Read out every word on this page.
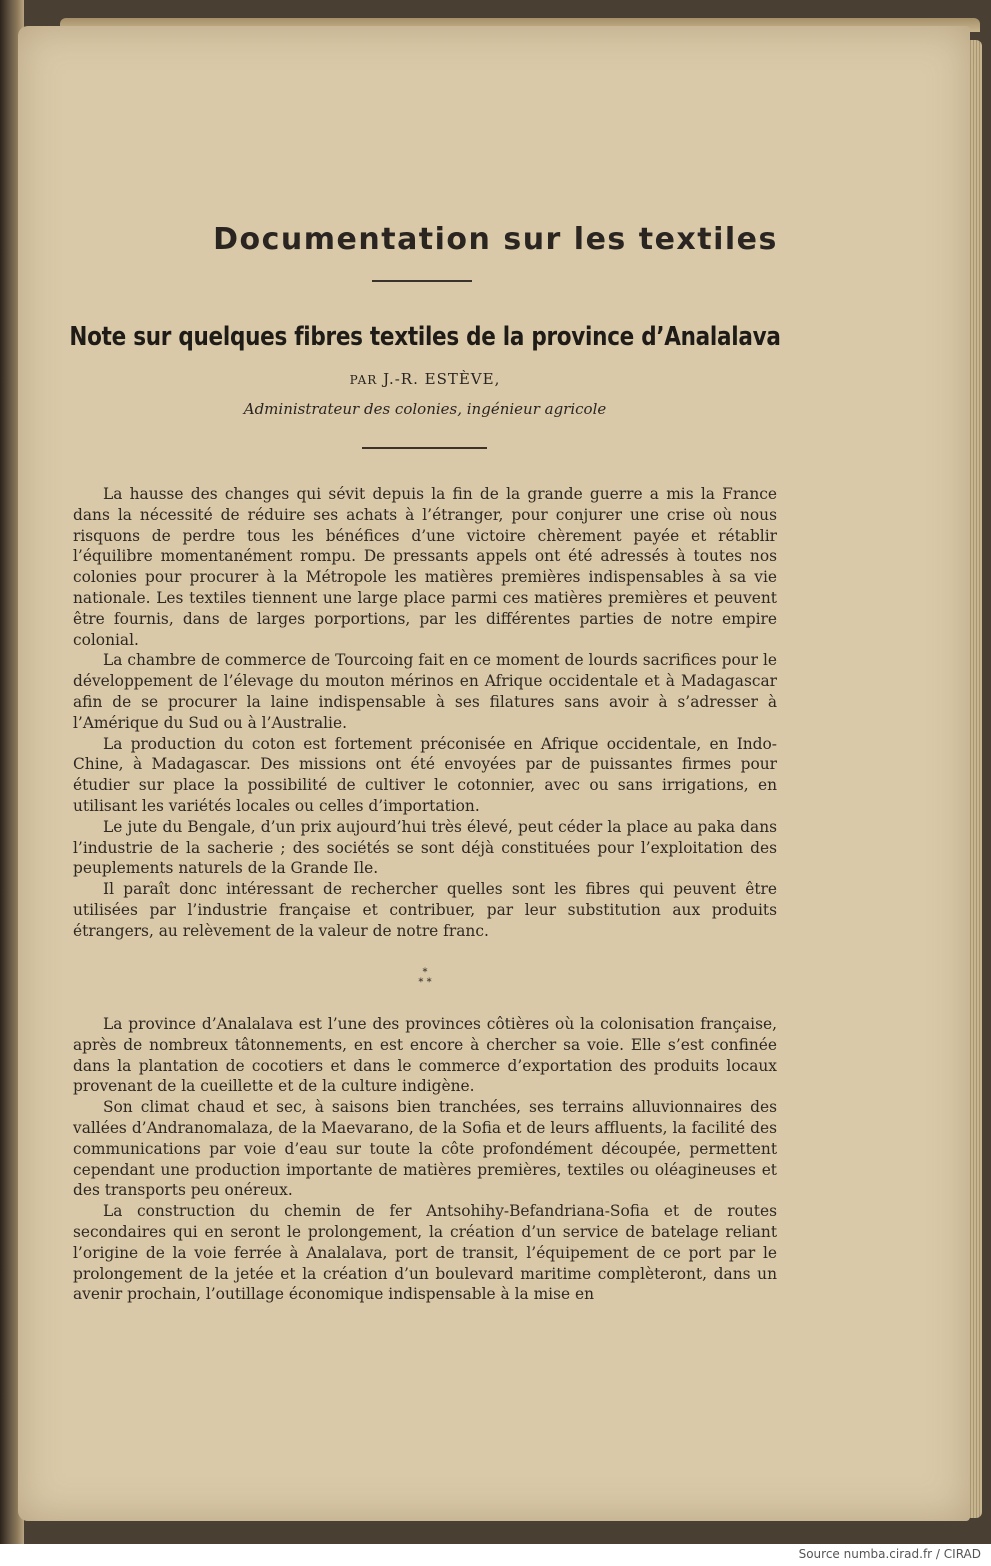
Documentation sur les textiles
Note sur quelques fibres textiles de la province d’Analalava
PAR J.-R. ESTÈVE,
Administrateur des colonies, ingénieur agricole

La hausse des changes qui sévit depuis la fin de la grande guerre a mis la France dans la nécessité de réduire ses achats à l’étranger, pour conjurer une crise où nous risquons de perdre tous les bénéfices d’une victoire chèrement payée et rétablir l’équilibre momentanément rompu. De pressants appels ont été adressés à toutes nos colonies pour procurer à la Métropole les matières premières indispensables à sa vie nationale. Les textiles tiennent une large place parmi ces matières premières et peuvent être fournis, dans de larges porportions, par les différentes parties de notre empire colonial.

La chambre de commerce de Tourcoing fait en ce moment de lourds sacrifices pour le développement de l’élevage du mouton mérinos en Afrique occidentale et à Madagascar afin de se procurer la laine indispensable à ses filatures sans avoir à s’adresser à l’Amérique du Sud ou à l’Australie.

La production du coton est fortement préconisée en Afrique occidentale, en Indo-Chine, à Madagascar. Des missions ont été envoyées par de puissantes firmes pour étudier sur place la possibilité de cultiver le cotonnier, avec ou sans irrigations, en utilisant les variétés locales ou celles d’importation.

Le jute du Bengale, d’un prix aujourd’hui très élevé, peut céder la place au paka dans l’industrie de la sacherie ; des sociétés se sont déjà constituées pour l’exploitation des peuplements naturels de la Grande Ile.

Il paraît donc intéressant de rechercher quelles sont les fibres qui peuvent être utilisées par l’industrie française et contribuer, par leur substitution aux produits étrangers, au relèvement de la valeur de notre franc.

*
* *

La province d’Analalava est l’une des provinces côtières où la colonisation française, après de nombreux tâtonnements, en est encore à chercher sa voie. Elle s’est confinée dans la plantation de cocotiers et dans le commerce d’exportation des produits locaux provenant de la cueillette et de la culture indigène.

Son climat chaud et sec, à saisons bien tranchées, ses terrains alluvionnaires des vallées d’Andranomalaza, de la Maevarano, de la Sofia et de leurs affluents, la facilité des communications par voie d’eau sur toute la côte profondément découpée, permettent cependant une production importante de matières premières, textiles ou oléagineuses et des transports peu onéreux.

La construction du chemin de fer Antsohihy-Befandriana-Sofia et de routes secondaires qui en seront le prolongement, la création d’un service de batelage reliant l’origine de la voie ferrée à Analalava, port de transit, l’équipement de ce port par le prolongement de la jetée et la création d’un boulevard maritime complèteront, dans un avenir prochain, l’outillage économique indispensable à la mise en

Source numba.cirad.fr / CIRAD
